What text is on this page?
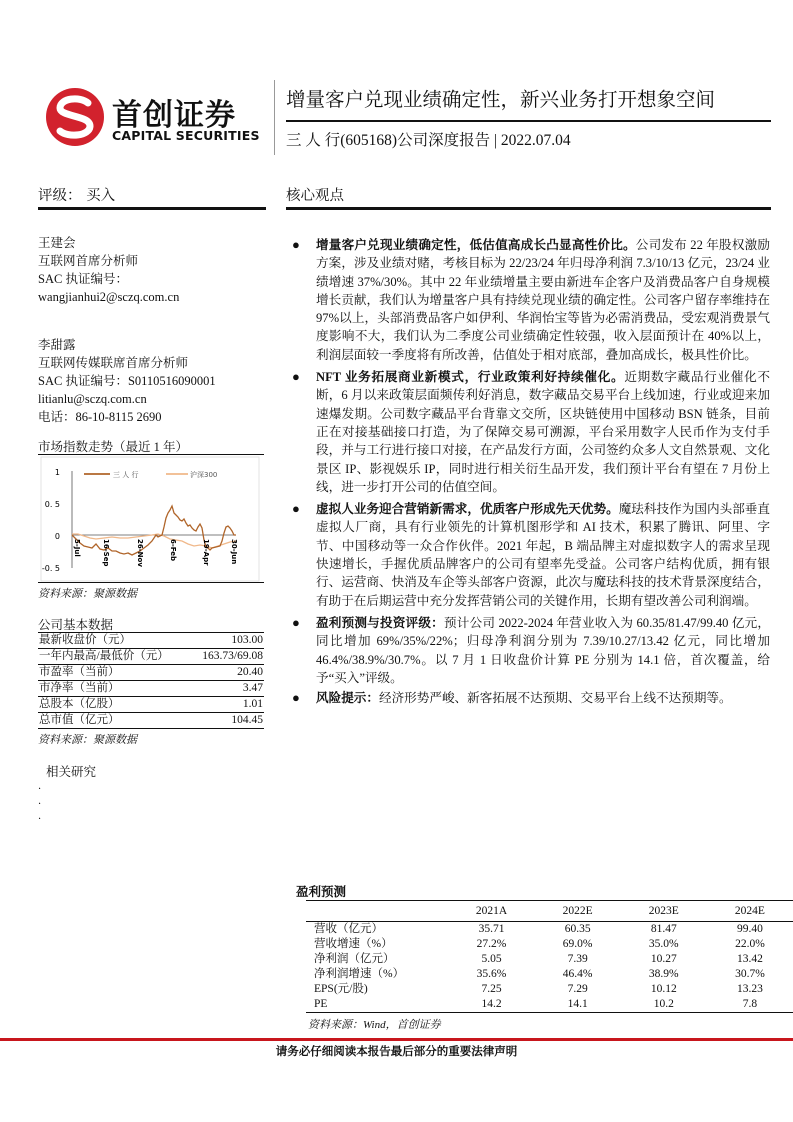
首创证券
CAPITAL SECURITIES
增量客户兑现业绩确定性，新兴业务打开想象空间
三 人 行(605168)公司深度报告 | 2022.07.04
评级： 买入	核心观点
王建会
互联网首席分析师
SAC 执证编号：
wangjianhui2@sczq.com.cn
李甜露
互联网传媒联席首席分析师
SAC 执证编号：S0110516090001
litianlu@sczq.com.cn
电话：86-10-8115 2690
市场指数走势（最近 1 年）
1
0. 5
0
-0. 5
三 人 行	沪深300
5-Jul	16-Sep	26-Nov	6-Feb	19-Apr	30-Jun
资料来源：聚源数据
公司基本数据
最新收盘价（元）	103.00
一年内最高/最低价（元）	163.73/69.08
市盈率（当前）	20.40
市净率（当前）	3.47
总股本（亿股）	1.01
总市值（亿元）	104.45
资料来源：聚源数据
相关研究
·
·
·
● 增量客户兑现业绩确定性，低估值高成长凸显高性价比。公司发布 22 年股权激励方案，涉及业绩对赌，考核目标为 22/23/24 年归母净利润 7.3/10/13 亿元，23/24 业绩增速 37%/30%。其中 22 年业绩增量主要由新进车企客户及消费品客户自身规模增长贡献，我们认为增量客户具有持续兑现业绩的确定性。公司客户留存率维持在 97%以上，头部消费品客户如伊利、华润怡宝等皆为必需消费品，受宏观消费景气度影响不大，我们认为二季度公司业绩确定性较强，收入层面预计在 40%以上，利润层面较一季度将有所改善，估值处于相对底部，叠加高成长，极具性价比。
● NFT 业务拓展商业新模式，行业政策利好持续催化。近期数字藏品行业催化不断，6 月以来政策层面频传利好消息，数字藏品交易平台上线加速，行业或迎来加速爆发期。公司数字藏品平台背靠文交所，区块链使用中国移动 BSN 链条，目前正在对接基础接口打造，为了保障交易可溯源，平台采用数字人民币作为支付手段，并与工行进行接口对接，在产品发行方面，公司签约众多人文自然景观、文化景区 IP、影视娱乐 IP，同时进行相关衍生品开发，我们预计平台有望在 7 月份上线，进一步打开公司的估值空间。
● 虚拟人业务迎合营销新需求，优质客户形成先天优势。魔珐科技作为国内头部垂直虚拟人厂商，具有行业领先的计算机图形学和 AI 技术，积累了腾讯、阿里、字节、中国移动等一众合作伙伴。2021 年起，B 端品牌主对虚拟数字人的需求呈现快速增长，手握优质品牌客户的公司有望率先受益。公司客户结构优质，拥有银行、运营商、快消及车企等头部客户资源，此次与魔珐科技的技术背景深度结合，有助于在后期运营中充分发挥营销公司的关键作用，长期有望改善公司利润端。
● 盈利预测与投资评级：预计公司 2022-2024 年营业收入为 60.35/81.47/99.40 亿元，同比增加 69%/35%/22%；归母净利润分别为 7.39/10.27/13.42 亿元，同比增加 46.4%/38.9%/30.7%。以 7 月 1 日收盘价计算 PE 分别为 14.1 倍，首次覆盖，给予“买入”评级。
● 风险提示：经济形势严峻、新客拓展不达预期、交易平台上线不达预期等。
盈利预测
	2021A	2022E	2023E	2024E
营收（亿元）	35.71	60.35	81.47	99.40
营收增速（%）	27.2%	69.0%	35.0%	22.0%
净利润（亿元）	5.05	7.39	10.27	13.42
净利润增速（%）	35.6%	46.4%	38.9%	30.7%
EPS(元/股)	7.25	7.29	10.12	13.23
PE	14.2	14.1	10.2	7.8
资料来源：Wind，首创证券
请务必仔细阅读本报告最后部分的重要法律声明
